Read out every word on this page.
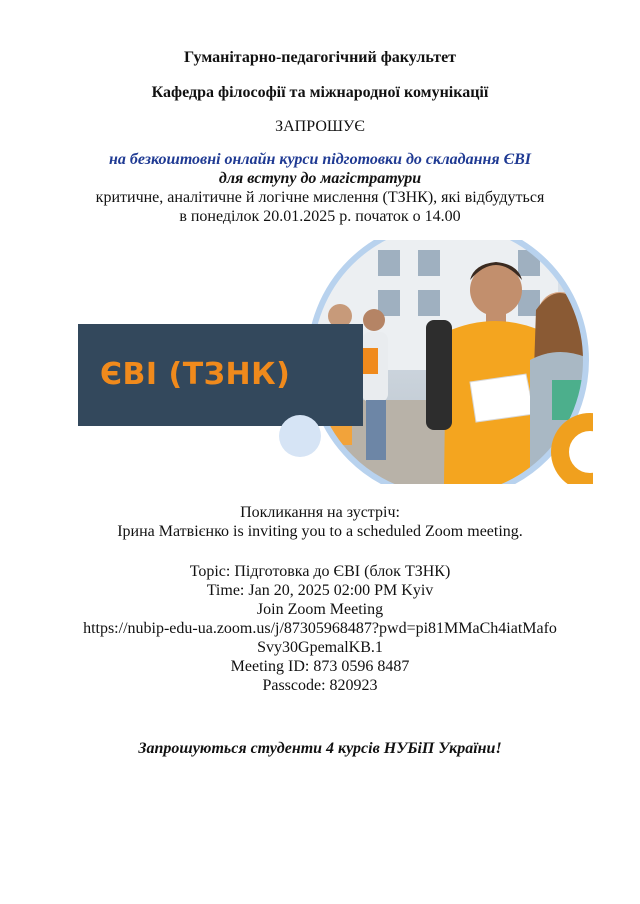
Гуманітарно-педагогічний факультет
Кафедра філософії та міжнародної комунікації
ЗАПРОШУЄ
на безкоштовні онлайн курси підготовки до складання ЄВІ
для вступу до магістратури
критичне, аналітичне й логічне мислення (ТЗНК), які відбудуться
в понеділок 20.01.2025 р. початок о 14.00
ЄВІ (ТЗНК)
Покликання на зустріч:
Ірина Матвієнко is inviting you to a scheduled Zoom meeting.
Topic: Підготовка до ЄВІ (блок ТЗНК)
Time: Jan 20, 2025 02:00 PM Kyiv
Join Zoom Meeting
https://nubip-edu-ua.zoom.us/j/87305968487?pwd=pi81MMaCh4iatMafo
Svy30GpemalKB.1
Meeting ID: 873 0596 8487
Passcode: 820923
Запрошуються студенти 4 курсів НУБіП України!
